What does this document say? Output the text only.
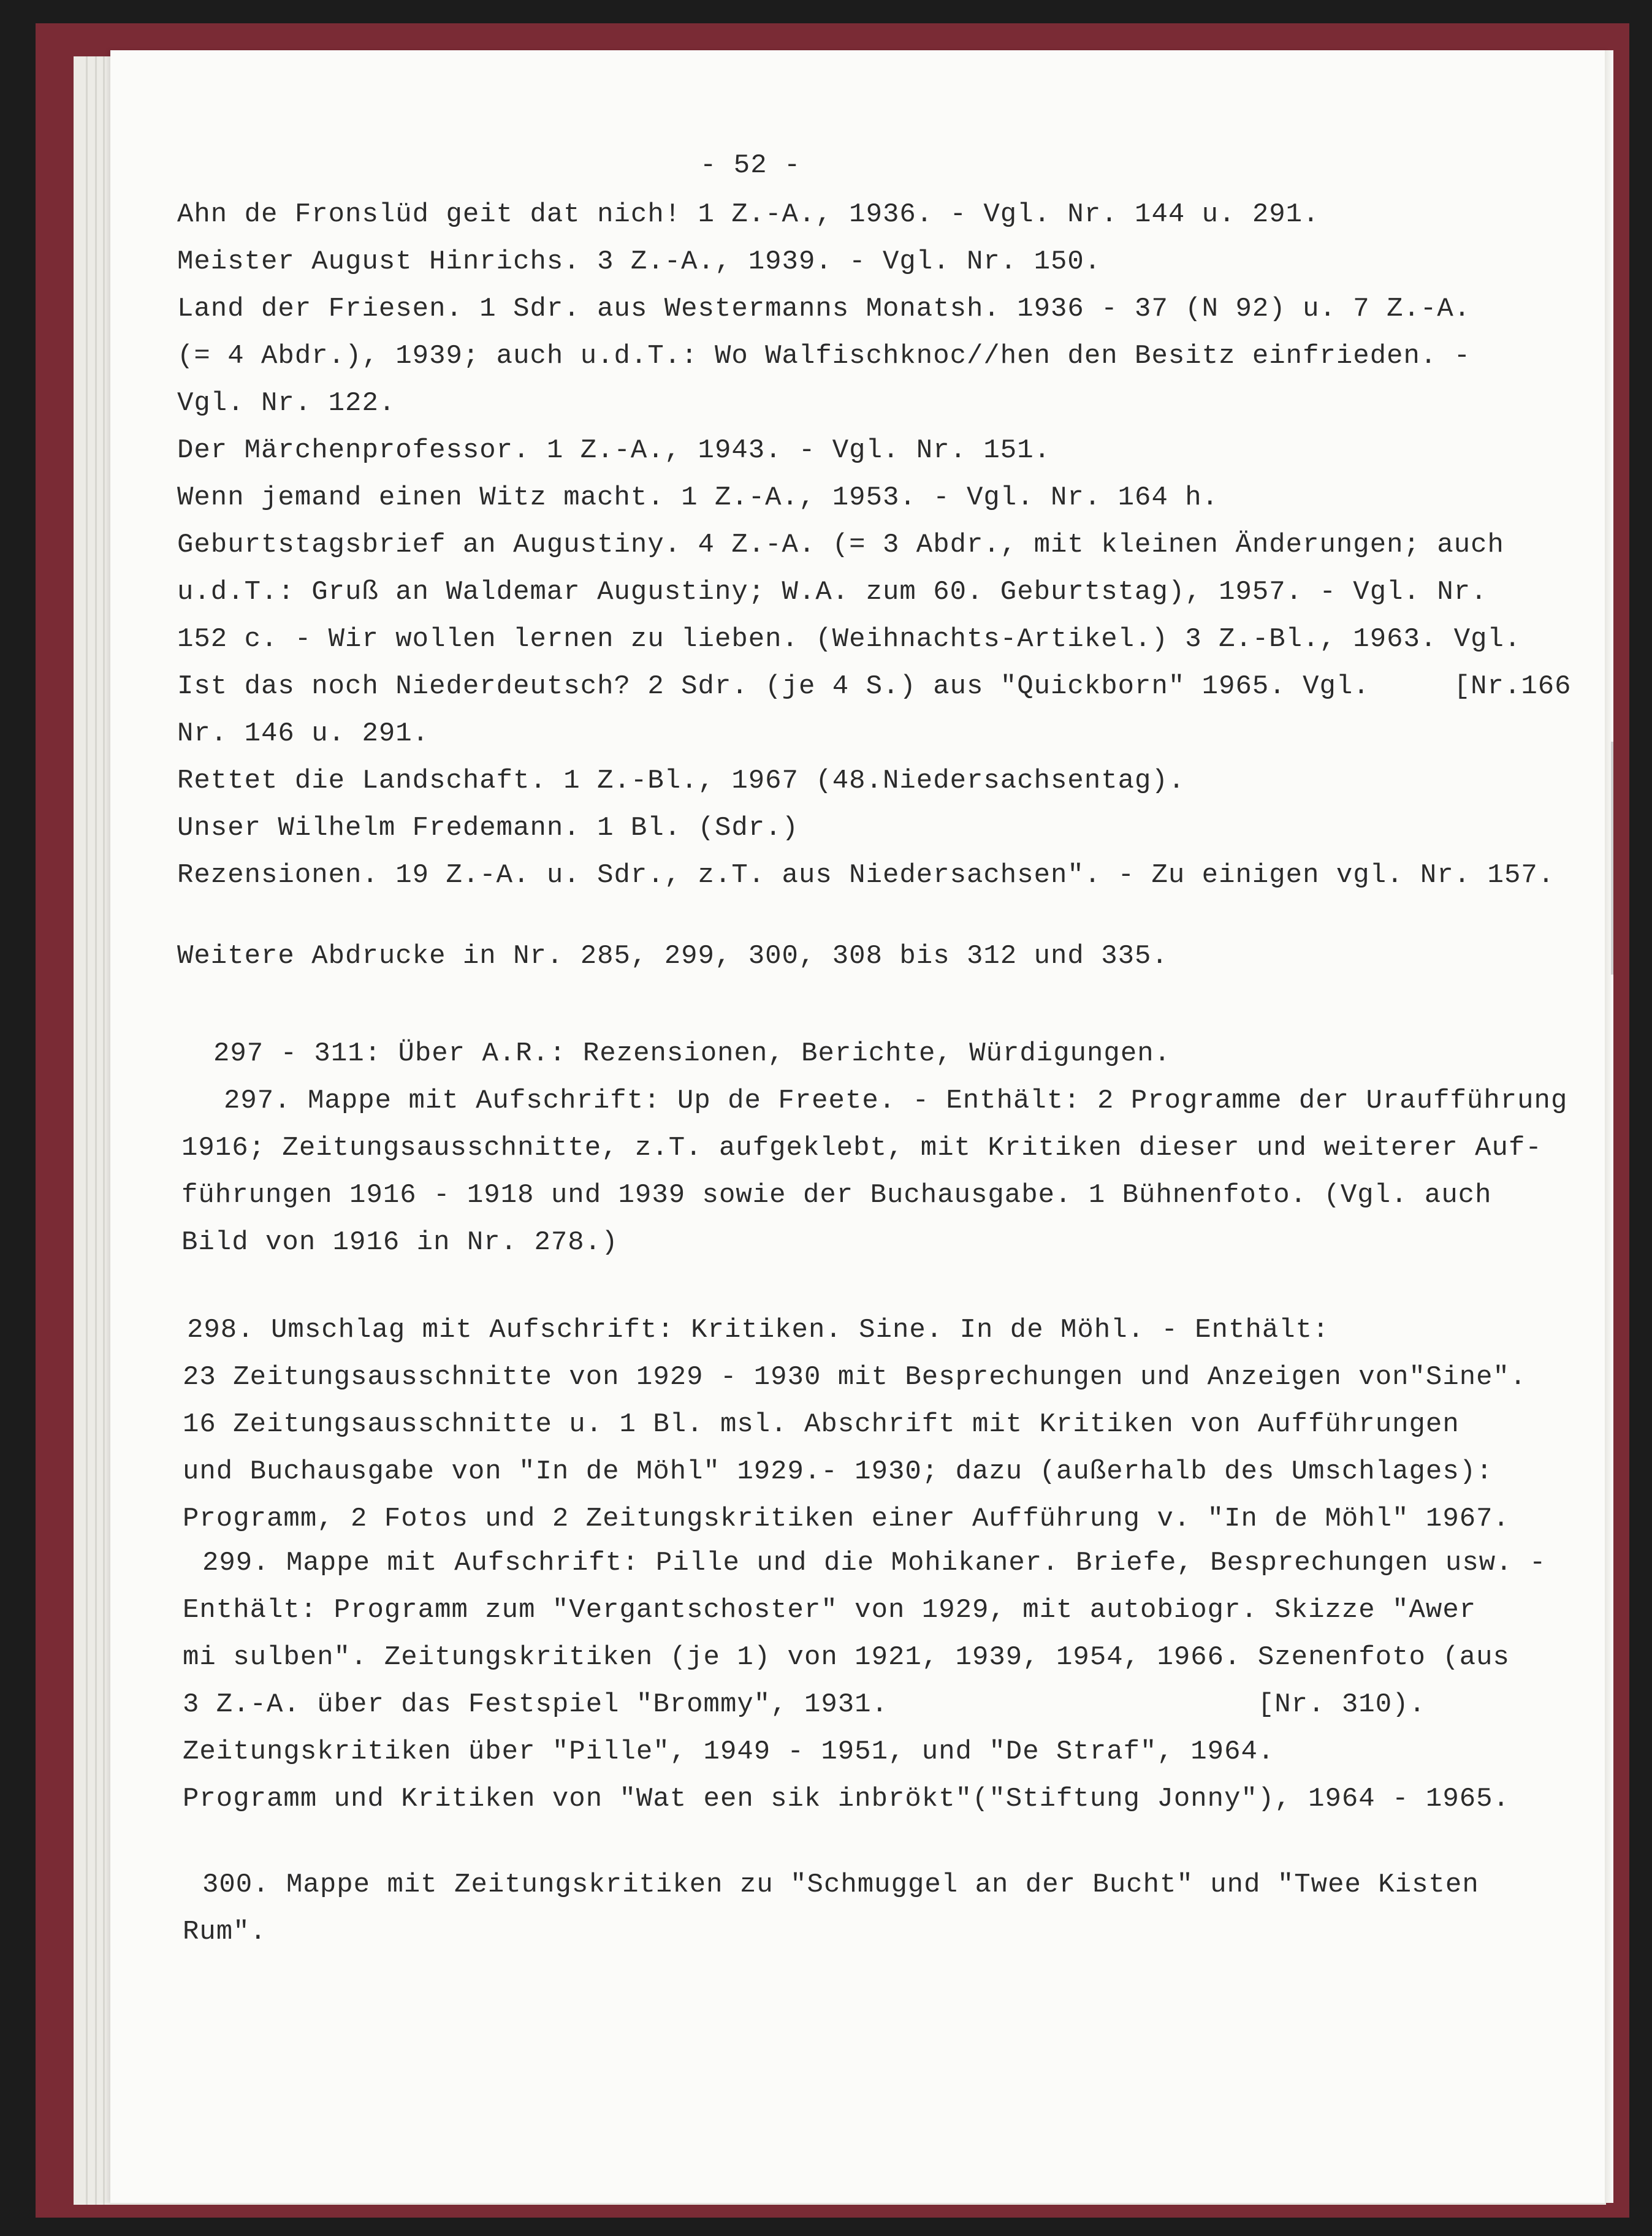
- 52 -
Ahn de Fronslüd geit dat nich! 1 Z.-A., 1936. - Vgl. Nr. 144 u. 291.
Meister August Hinrichs. 3 Z.-A., 1939. - Vgl. Nr. 150.
Land der Friesen. 1 Sdr. aus Westermanns Monatsh. 1936 - 37 (N 92) u. 7 Z.-A.
(= 4 Abdr.), 1939; auch u.d.T.: Wo Walfischknoc//hen den Besitz einfrieden. -
Vgl. Nr. 122.
Der Märchenprofessor. 1 Z.-A., 1943. - Vgl. Nr. 151.
Wenn jemand einen Witz macht. 1 Z.-A., 1953. - Vgl. Nr. 164 h.
Geburtstagsbrief an Augustiny. 4 Z.-A. (= 3 Abdr., mit kleinen Änderungen; auch
u.d.T.: Gruß an Waldemar Augustiny; W.A. zum 60. Geburtstag), 1957. - Vgl. Nr.
152 c. - Wir wollen lernen zu lieben. (Weihnachts-Artikel.) 3 Z.-Bl., 1963. Vgl.
Ist das noch Niederdeutsch? 2 Sdr. (je 4 S.) aus "Quickborn" 1965. Vgl.     [Nr.166
Nr. 146 u. 291.
Rettet die Landschaft. 1 Z.-Bl., 1967 (48.Niedersachsentag).
Unser Wilhelm Fredemann. 1 Bl. (Sdr.)
Rezensionen. 19 Z.-A. u. Sdr., z.T. aus Niedersachsen". - Zu einigen vgl. Nr. 157.
Weitere Abdrucke in Nr. 285, 299, 300, 308 bis 312 und 335.
297 - 311: Über A.R.: Rezensionen, Berichte, Würdigungen.
297. Mappe mit Aufschrift: Up de Freete. - Enthält: 2 Programme der Uraufführung
1916; Zeitungsausschnitte, z.T. aufgeklebt, mit Kritiken dieser und weiterer Auf-
führungen 1916 - 1918 und 1939 sowie der Buchausgabe. 1 Bühnenfoto. (Vgl. auch
Bild von 1916 in Nr. 278.)
298. Umschlag mit Aufschrift: Kritiken. Sine. In de Möhl. - Enthält:
23 Zeitungsausschnitte von 1929 - 1930 mit Besprechungen und Anzeigen von"Sine".
16 Zeitungsausschnitte u. 1 Bl. msl. Abschrift mit Kritiken von Aufführungen
und Buchausgabe von "In de Möhl" 1929.- 1930; dazu (außerhalb des Umschlages):
Programm, 2 Fotos und 2 Zeitungskritiken einer Aufführung v. "In de Möhl" 1967.
299. Mappe mit Aufschrift: Pille und die Mohikaner. Briefe, Besprechungen usw. -
Enthält: Programm zum "Vergantschoster" von 1929, mit autobiogr. Skizze "Awer
mi sulben". Zeitungskritiken (je 1) von 1921, 1939, 1954, 1966. Szenenfoto (aus
3 Z.-A. über das Festspiel "Brommy", 1931.                      [Nr. 310).
Zeitungskritiken über "Pille", 1949 - 1951, und "De Straf", 1964.
Programm und Kritiken von "Wat een sik inbrökt"("Stiftung Jonny"), 1964 - 1965.
300. Mappe mit Zeitungskritiken zu "Schmuggel an der Bucht" und "Twee Kisten
Rum".
